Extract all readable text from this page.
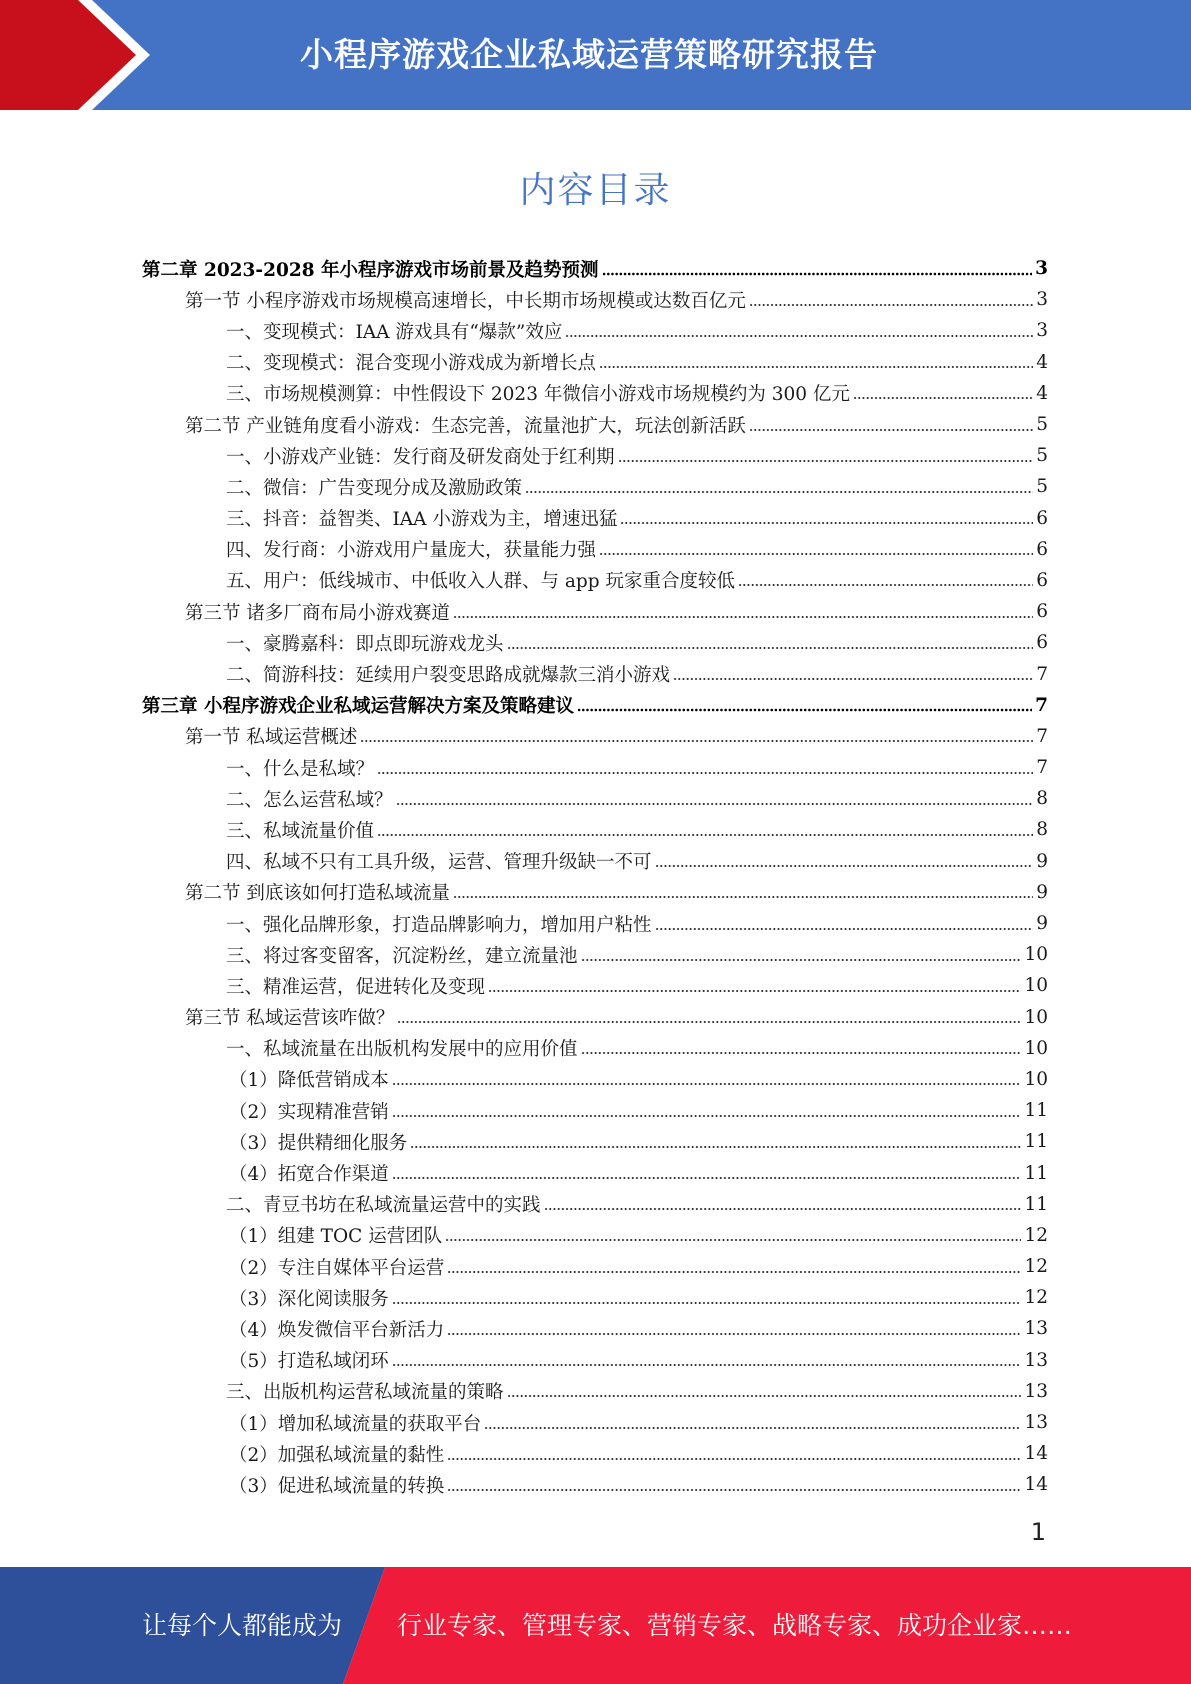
小程序游戏企业私域运营策略研究报告
内容目录
第二章 2023-2028 年小程序游戏市场前景及趋势预测	3
第一节 小程序游戏市场规模高速增长，中长期市场规模或达数百亿元	3
一、变现模式：IAA 游戏具有“爆款”效应	3
二、变现模式：混合变现小游戏成为新增长点	4
三、市场规模测算：中性假设下 2023 年微信小游戏市场规模约为 300 亿元	4
第二节 产业链角度看小游戏：生态完善，流量池扩大，玩法创新活跃	5
一、小游戏产业链：发行商及研发商处于红利期	5
二、微信：广告变现分成及激励政策	5
三、抖音：益智类、IAA 小游戏为主，增速迅猛	6
四、发行商：小游戏用户量庞大，获量能力强	6
五、用户：低线城市、中低收入人群、与 app 玩家重合度较低	6
第三节 诸多厂商布局小游戏赛道	6
一、豪腾嘉科：即点即玩游戏龙头	6
二、简游科技：延续用户裂变思路成就爆款三消小游戏	7
第三章 小程序游戏企业私域运营解决方案及策略建议	7
第一节 私域运营概述	7
一、什么是私域？	7
二、怎么运营私域？	8
三、私域流量价值	8
四、私域不只有工具升级，运营、管理升级缺一不可	9
第二节 到底该如何打造私域流量	9
一、强化品牌形象，打造品牌影响力，增加用户粘性	9
三、将过客变留客，沉淀粉丝，建立流量池	10
三、精准运营，促进转化及变现	10
第三节 私域运营该咋做？	10
一、私域流量在出版机构发展中的应用价值	10
（1）降低营销成本	10
（2）实现精准营销	11
（3）提供精细化服务	11
（4）拓宽合作渠道	11
二、青豆书坊在私域流量运营中的实践	11
（1）组建 TOC 运营团队	12
（2）专注自媒体平台运营	12
（3）深化阅读服务	12
（4）焕发微信平台新活力	13
（5）打造私域闭环	13
三、出版机构运营私域流量的策略	13
（1）增加私域流量的获取平台	13
（2）加强私域流量的黏性	14
（3）促进私域流量的转换	14
1
让每个人都能成为 行业专家、管理专家、营销专家、战略专家、成功企业家……
